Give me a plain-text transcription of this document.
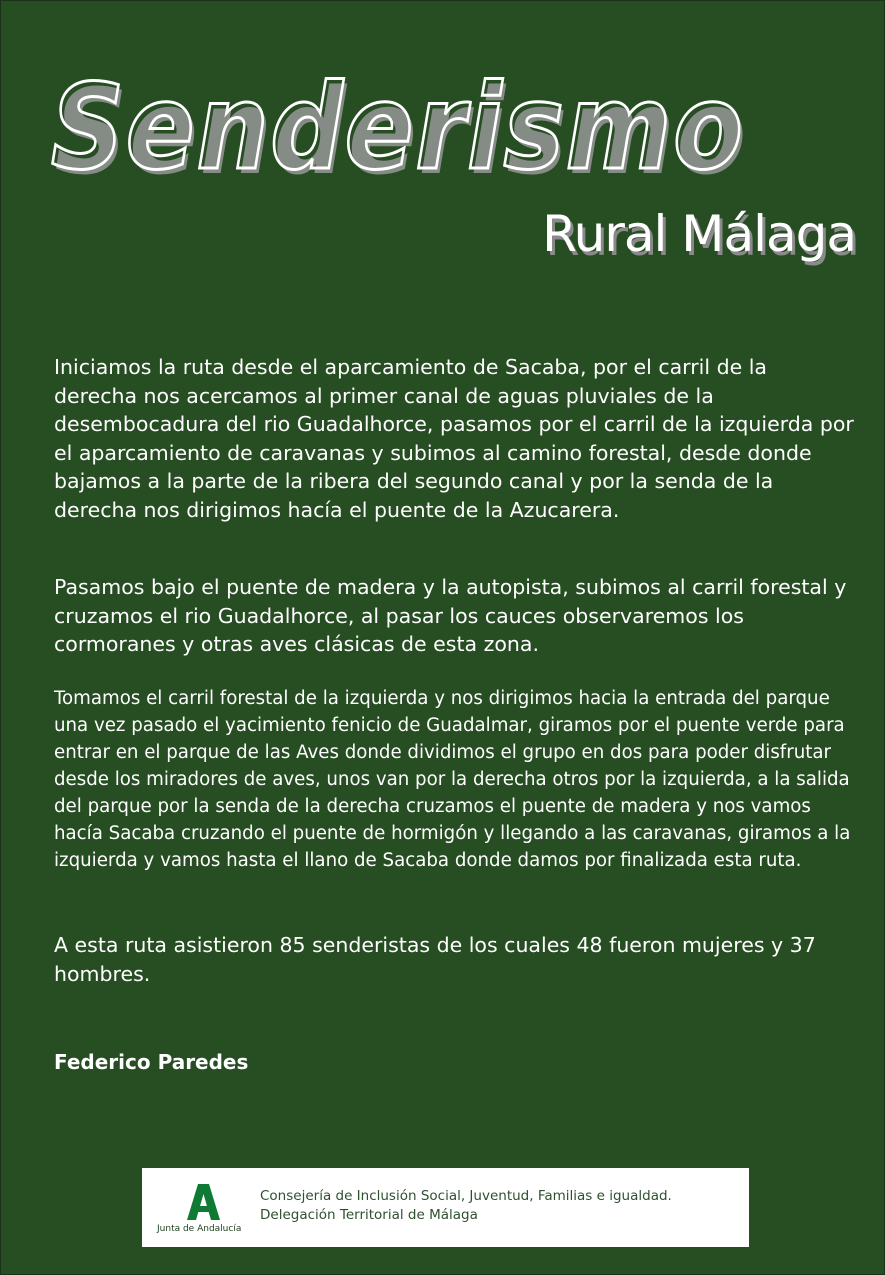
Senderismo
Rural Málaga

Iniciamos la ruta desde el aparcamiento de Sacaba, por el carril de la derecha nos acercamos al primer canal de aguas pluviales de la desembocadura del rio Guadalhorce, pasamos por el carril de la izquierda por el aparcamiento de caravanas y subimos al camino forestal, desde donde bajamos a la parte de la ribera del segundo canal y por la senda de la derecha nos dirigimos hacía el puente de la Azucarera.

Pasamos bajo el puente de madera y la autopista, subimos al carril forestal y cruzamos el rio Guadalhorce, al pasar los cauces observaremos los cormoranes y otras aves clásicas de esta zona.

Tomamos el carril forestal de la izquierda y nos dirigimos hacia la entrada del parque una vez pasado el yacimiento fenicio de Guadalmar, giramos por el puente verde para entrar en el parque de las Aves donde dividimos el grupo en dos para poder disfrutar desde los miradores de aves, unos van por la derecha otros por la izquierda, a la salida del parque por la senda de la derecha cruzamos el puente de madera y nos vamos hacía Sacaba cruzando el puente de hormigón y llegando a las caravanas, giramos a la izquierda y vamos hasta el llano de Sacaba donde damos por finalizada esta ruta.

A esta ruta asistieron 85 senderistas de los cuales 48 fueron mujeres y 37 hombres.

Federico Paredes
Junta de Andalucía
Consejería de Inclusión Social, Juventud, Familias e igualdad.
Delegación Territorial de Málaga
